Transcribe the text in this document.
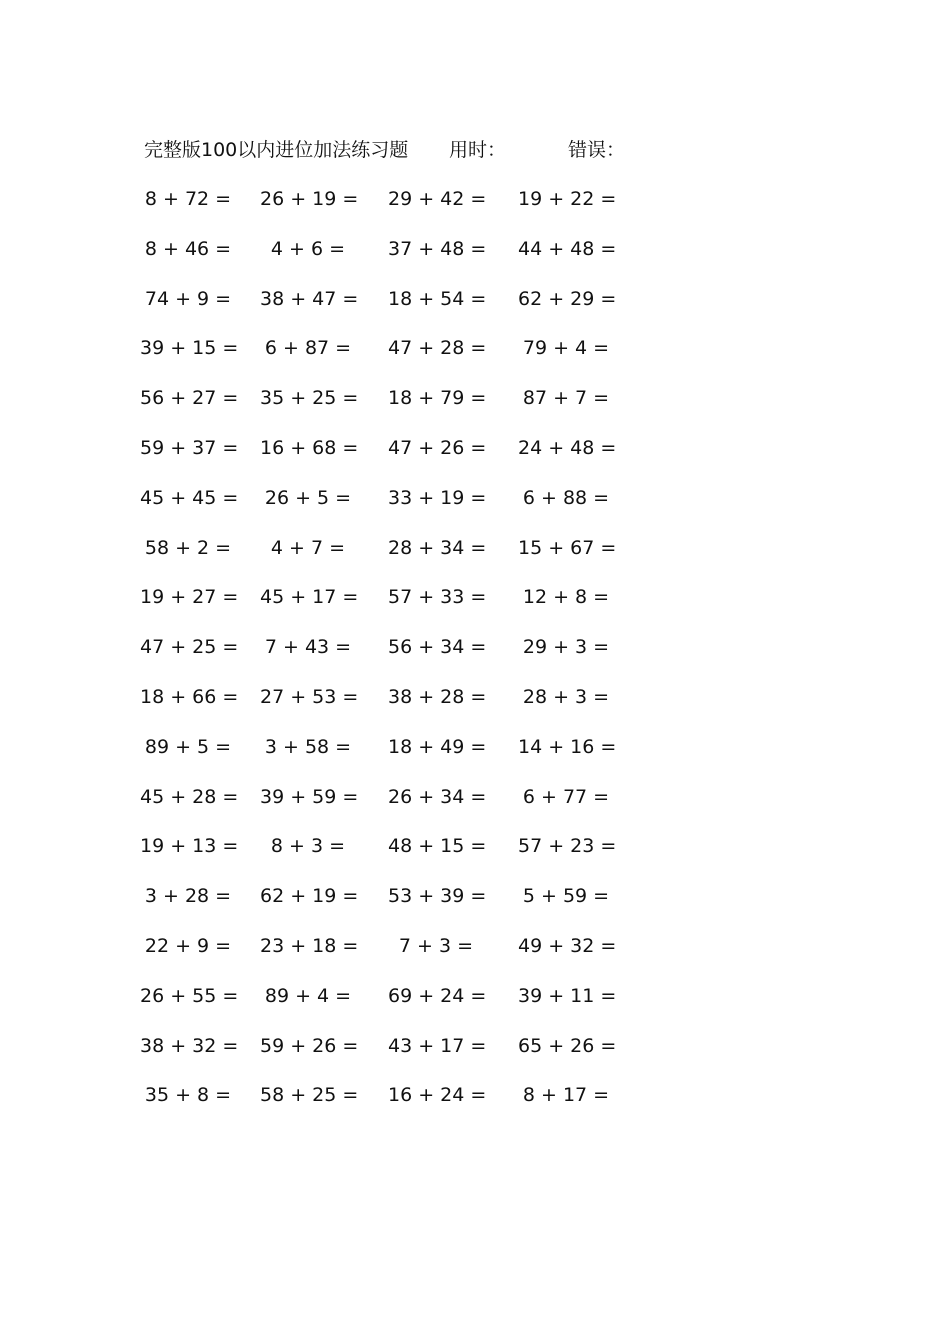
完整版100以内进位加法练习题 用时：	错误：
8 + 72 = 26 + 19 = 29 + 42 = 19 + 22 =
8 + 46 =	4 + 6 =	37 + 48 = 44 + 48 =
74 + 9 = 38 + 47 = 18 + 54 = 62 + 29 =
39 + 15 = 6 + 87 = 47 + 28 = 79 + 4 =
56 + 27 = 35 + 25 = 18 + 79 = 87 + 7 =
59 + 37 = 16 + 68 = 47 + 26 = 24 + 48 =
45 + 45 = 26 + 5 = 33 + 19 = 6 + 88 =
58 + 2 =	4 + 7 =	28 + 34 = 15 + 67 =
19 + 27 = 45 + 17 = 57 + 33 = 12 + 8 =
47 + 25 = 7 + 43 = 56 + 34 = 29 + 3 =
18 + 66 = 27 + 53 = 38 + 28 = 28 + 3 =
89 + 5 = 3 + 58 = 18 + 49 = 14 + 16 =
45 + 28 = 39 + 59 = 26 + 34 = 6 + 77 =
19 + 13 =	8 + 3 =	48 + 15 = 57 + 23 =
3 + 28 = 62 + 19 = 53 + 39 = 5 + 59 =
22 + 9 = 23 + 18 =	7 + 3 =	49 + 32 =
26 + 55 = 89 + 4 = 69 + 24 = 39 + 11 =
38 + 32 = 59 + 26 = 43 + 17 = 65 + 26 =
35 + 8 = 58 + 25 = 16 + 24 = 8 + 17 =
